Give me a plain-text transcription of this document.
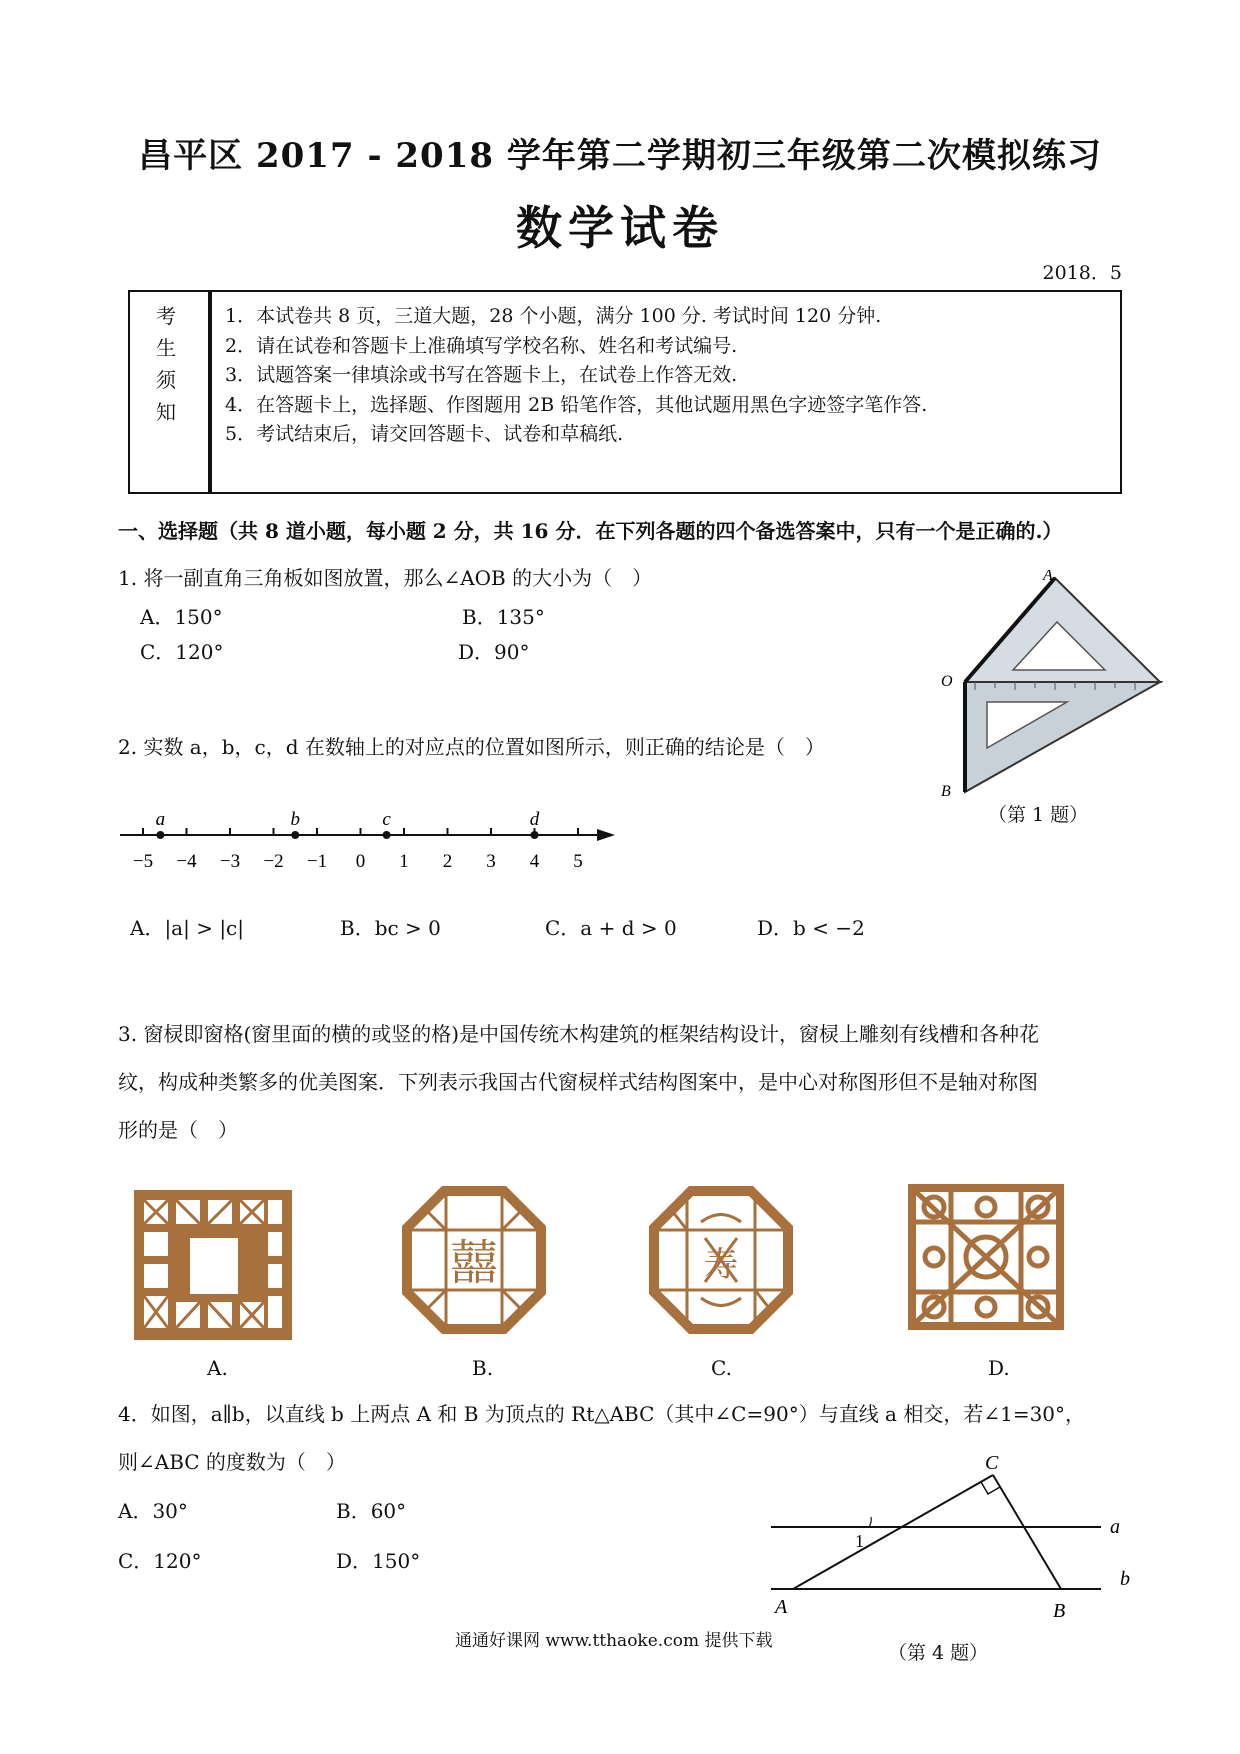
昌平区 2017 - 2018 学年第二学期初三年级第二次模拟练习
数学试卷
2018．5
考
生
须
知
1．本试卷共 8 页，三道大题，28 个小题，满分 100 分. 考试时间 120 分钟.
2．请在试卷和答题卡上准确填写学校名称、姓名和考试编号.
3．试题答案一律填涂或书写在答题卡上，在试卷上作答无效.
4．在答题卡上，选择题、作图题用 2B 铅笔作答，其他试题用黑色字迹签字笔作答.
5．考试结束后，请交回答题卡、试卷和草稿纸.
一、选择题（共 8 道小题，每小题 2 分，共 16 分．在下列各题的四个备选答案中，只有一个是正确的.）
1. 将一副直角三角板如图放置，那么∠AOB 的大小为（　）
A．150°	B．135°
C．120°	D．90°
A
O
B
（第 1 题）
2. 实数 a，b，c，d 在数轴上的对应点的位置如图所示，则正确的结论是（　）
−5 −4 −3 −2 −1 0 1 2 3 4 5
a	b	c	d
A．|a| > |c|	B．bc > 0	C．a + d > 0	D．b < −2
3. 窗棂即窗格(窗里面的横的或竖的格)是中国传统木构建筑的框架结构设计，窗棂上雕刻有线槽和各种花
纹，构成种类繁多的优美图案．下列表示我国古代窗棂样式结构图案中，是中心对称图形但不是轴对称图
形的是（　）
囍	寿
A.	B.	C.	D.
4．如图，a∥b，以直线 b 上两点 A 和 B 为顶点的 Rt△ABC（其中∠C=90°）与直线 a 相交，若∠1=30°，
则∠ABC 的度数为（　）
A．30°	B．60°
C．120°	D．150°
C
a
b
A	B
1
（第 4 题）
通通好课网 www.tthaoke.com 提供下载
